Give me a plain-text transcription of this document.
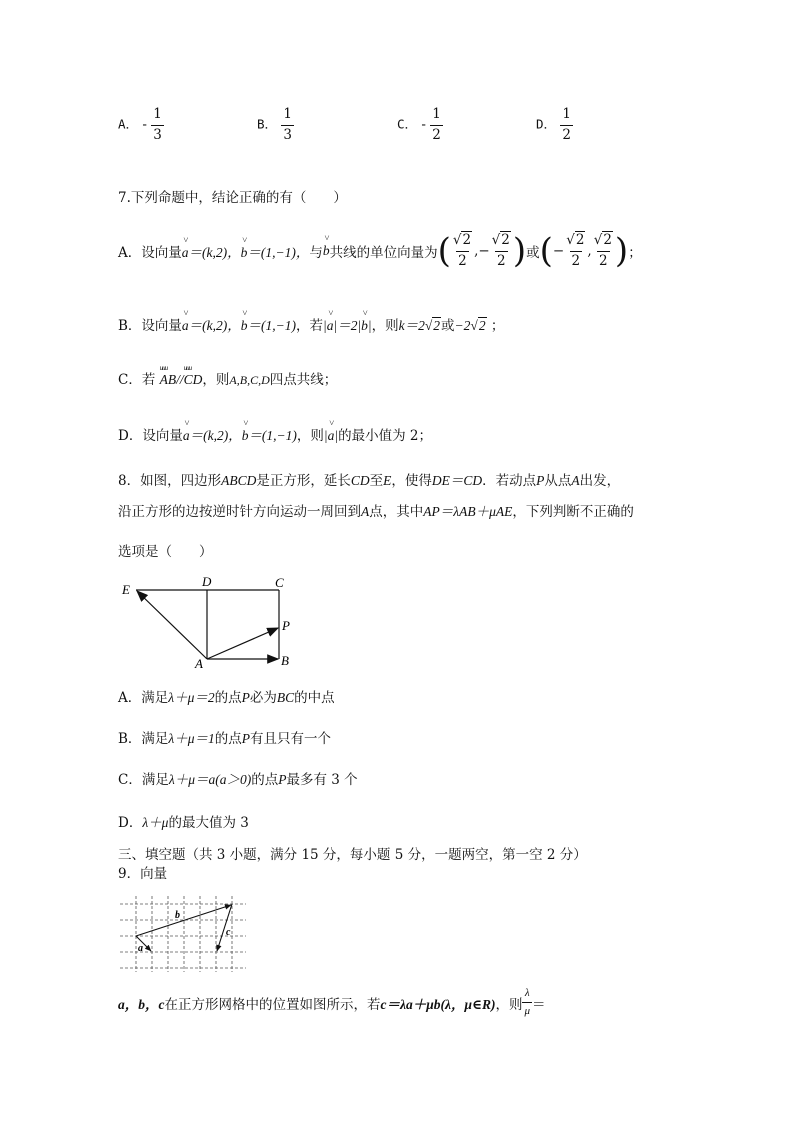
A． - $\frac{1}{3}$	B． $\frac{1}{3}$	C． - $\frac{1}{2}$	D． $\frac{1}{2}$
7.下列命题中，结论正确的有（　　）
A．设向量 ˅ a＝(k,2)，˅ b＝(1,−1)， 与 ˅ b 共线的单位向量为 ( $\frac{√2}{2}$ ,− $\frac{√2}{2}$ ) 或 ( − $\frac{√2}{2}$ , $\frac{√2}{2}$ ) ；
B．设向量˅ a＝(k,2)，˅ b＝(1,−1)，若|˅ a|＝2|˅ b|，则k＝2√2或−2√2 ；
C．若 uuu AB//uuu CD，则A,B,C,D四点共线；
D．设向量˅ a＝(k,2)，˅ b＝(1,−1)，则|˅ a|的最小值为 2；
8．如图，四边形ABCD是正方形，延长CD至E，使得DE＝CD．若动点P从点A出发，
沿正方形的边按逆时针方向运动一周回到A点，其中AP＝λAB＋μAE，下列判断不正确的
选项是（　　）
E
D	C
P
A	B
A．满足λ＋μ＝2的点P必为BC的中点
B．满足λ＋μ＝1的点P有且只有一个
C．满足λ＋μ＝a(a＞0)的点P最多有 3 个
D．λ＋μ的最大值为 3
三、填空题（共 3 小题，满分 15 分，每小题 5 分，一题两空，第一空 2 分）
9．向量
b
a
c
a，b，c 在正方形网格中的位置如图所示，若 c＝λa＋μb(λ，μ∈R) ，则 $\frac{\lambda}{\mu}$ ＝
